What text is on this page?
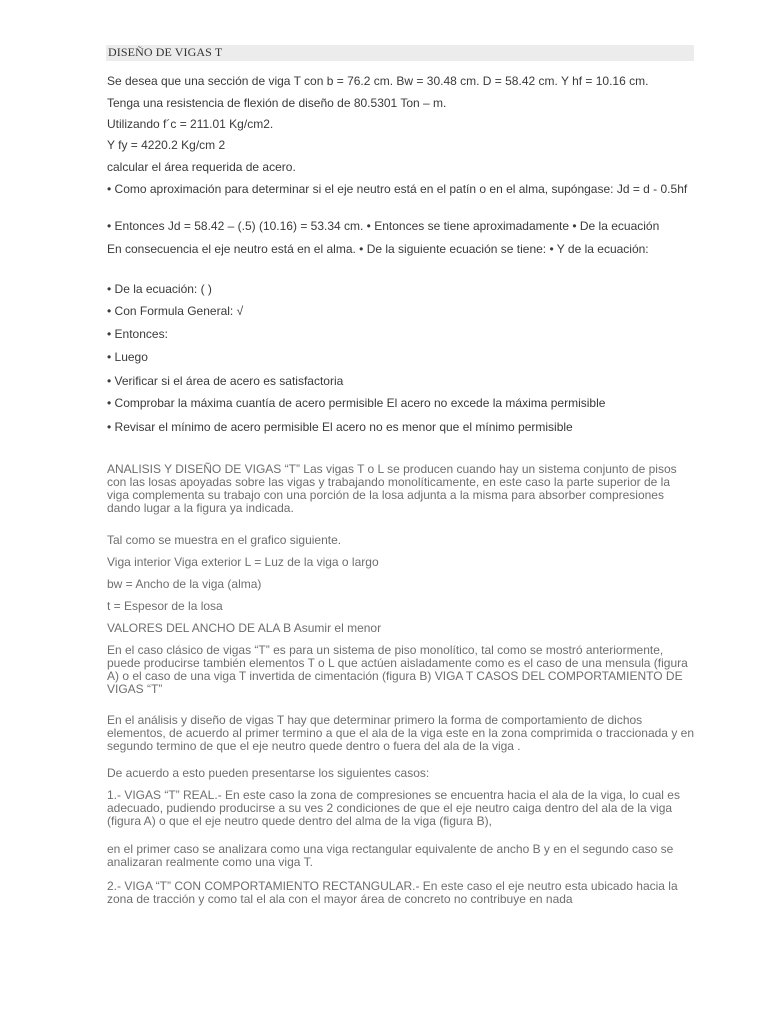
DISEÑO DE VIGAS T

Se desea que una sección de viga T con b = 76.2 cm. Bw = 30.48 cm. D = 58.42 cm. Y hf = 10.16 cm.

Tenga una resistencia de flexión de diseño de 80.5301 Ton – m.

Utilizando f´c = 211.01 Kg/cm2.

Y fy = 4220.2 Kg/cm 2

calcular el área requerida de acero.

• Como aproximación para determinar si el eje neutro está en el patín o en el alma, supóngase: Jd = d - 0.5hf

• Entonces Jd = 58.42 – (.5) (10.16) = 53.34 cm. • Entonces se tiene aproximadamente • De la ecuación

En consecuencia el eje neutro está en el alma. • De la siguiente ecuación se tiene: • Y de la ecuación:

• De la ecuación: ( )

• Con Formula General: √

• Entonces:

• Luego

• Verificar si el área de acero es satisfactoria

• Comprobar la máxima cuantía de acero permisible El acero no excede la máxima permisible

• Revisar el mínimo de acero permisible El acero no es menor que el mínimo permisible

ANALISIS Y DISEÑO DE VIGAS “T” Las vigas T o L se producen cuando hay un sistema conjunto de pisos con las losas apoyadas sobre las vigas y trabajando monolíticamente, en este caso la parte superior de la viga complementa su trabajo con una porción de la losa adjunta a la misma para absorber compresiones dando lugar a la figura ya indicada.

Tal como se muestra en el grafico siguiente.

Viga interior Viga exterior L = Luz de la viga o largo

bw = Ancho de la viga (alma)

t = Espesor de la losa

VALORES DEL ANCHO DE ALA B Asumir el menor

En el caso clásico de vigas “T” es para un sistema de piso monolítico, tal como se mostró anteriormente, puede producirse también elementos T o L que actúen aisladamente como es el caso de una mensula (figura A) o el caso de una viga T invertida de cimentación (figura B) VIGA T CASOS DEL COMPORTAMIENTO DE VIGAS “T”

En el análisis y diseño de vigas T hay que determinar primero la forma de comportamiento de dichos elementos, de acuerdo al primer termino a que el ala de la viga este en la zona comprimida o traccionada y en segundo termino de que el eje neutro quede dentro o fuera del ala de la viga .

De acuerdo a esto pueden presentarse los siguientes casos:

1.- VIGAS “T” REAL.- En este caso la zona de compresiones se encuentra hacia el ala de la viga, lo cual es adecuado, pudiendo producirse a su ves 2 condiciones de que el eje neutro caiga dentro del ala de la viga (figura A) o que el eje neutro quede dentro del alma de la viga (figura B),

en el primer caso se analizara como una viga rectangular equivalente de ancho B y en el segundo caso se analizaran realmente como una viga T.

2.- VIGA “T” CON COMPORTAMIENTO RECTANGULAR.- En este caso el eje neutro esta ubicado hacia la zona de tracción y como tal el ala con el mayor área de concreto no contribuye en nada
